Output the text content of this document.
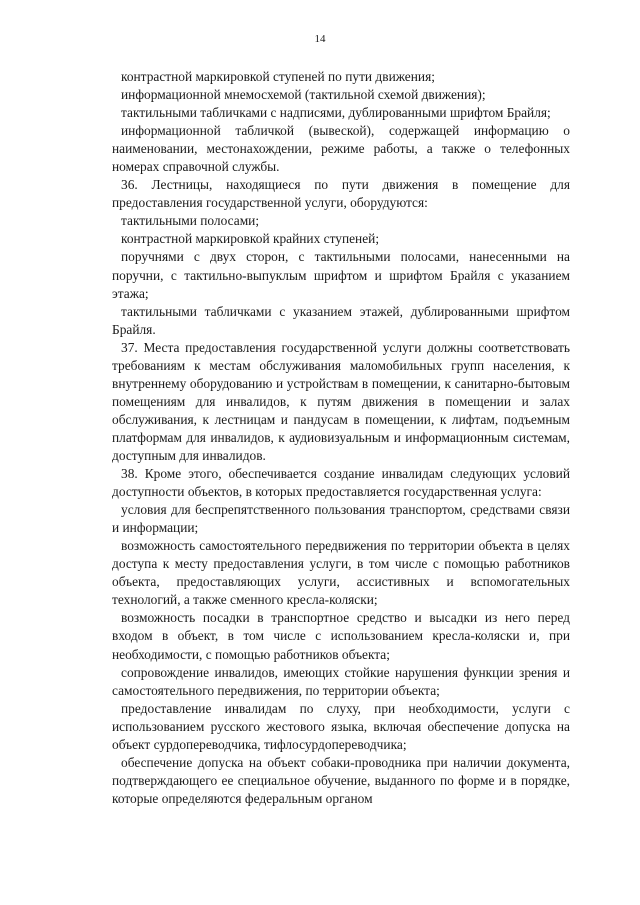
14

контрастной маркировкой ступеней по пути движения;

информационной мнемосхемой (тактильной схемой движения);

тактильными табличками с надписями, дублированными шрифтом Брайля;

информационной табличкой (вывеской), содержащей информацию о наименовании, местонахождении, режиме работы, а также о телефонных номерах справочной службы.

36. Лестницы, находящиеся по пути движения в помещение для предоставления государственной услуги, оборудуются:

тактильными полосами;

контрастной маркировкой крайних ступеней;

поручнями с двух сторон, с тактильными полосами, нанесенными на поручни, с тактильно-выпуклым шрифтом и шрифтом Брайля с указанием этажа;

тактильными табличками с указанием этажей, дублированными шрифтом Брайля.

37. Места предоставления государственной услуги должны соответствовать требованиям к местам обслуживания маломобильных групп населения, к внутреннему оборудованию и устройствам в помещении, к санитарно-бытовым помещениям для инвалидов, к путям движения в помещении и залах обслуживания, к лестницам и пандусам в помещении, к лифтам, подъемным платформам для инвалидов, к аудиовизуальным и информационным системам, доступным для инвалидов.

38. Кроме этого, обеспечивается создание инвалидам следующих условий доступности объектов, в которых предоставляется государственная услуга:

условия для беспрепятственного пользования транспортом, средствами связи и информации;

возможность самостоятельного передвижения по территории объекта в целях доступа к месту предоставления услуги, в том числе с помощью работников объекта, предоставляющих услуги, ассистивных и вспомогательных технологий, а также сменного кресла-коляски;

возможность посадки в транспортное средство и высадки из него перед входом в объект, в том числе с использованием кресла-коляски и, при необходимости, с помощью работников объекта;

сопровождение инвалидов, имеющих стойкие нарушения функции зрения и самостоятельного передвижения, по территории объекта;

предоставление инвалидам по слуху, при необходимости, услуги с использованием русского жестового языка, включая обеспечение допуска на объект сурдопереводчика, тифлосурдопереводчика;

обеспечение допуска на объект собаки-проводника при наличии документа, подтверждающего ее специальное обучение, выданного по форме и в порядке, которые определяются федеральным органом
